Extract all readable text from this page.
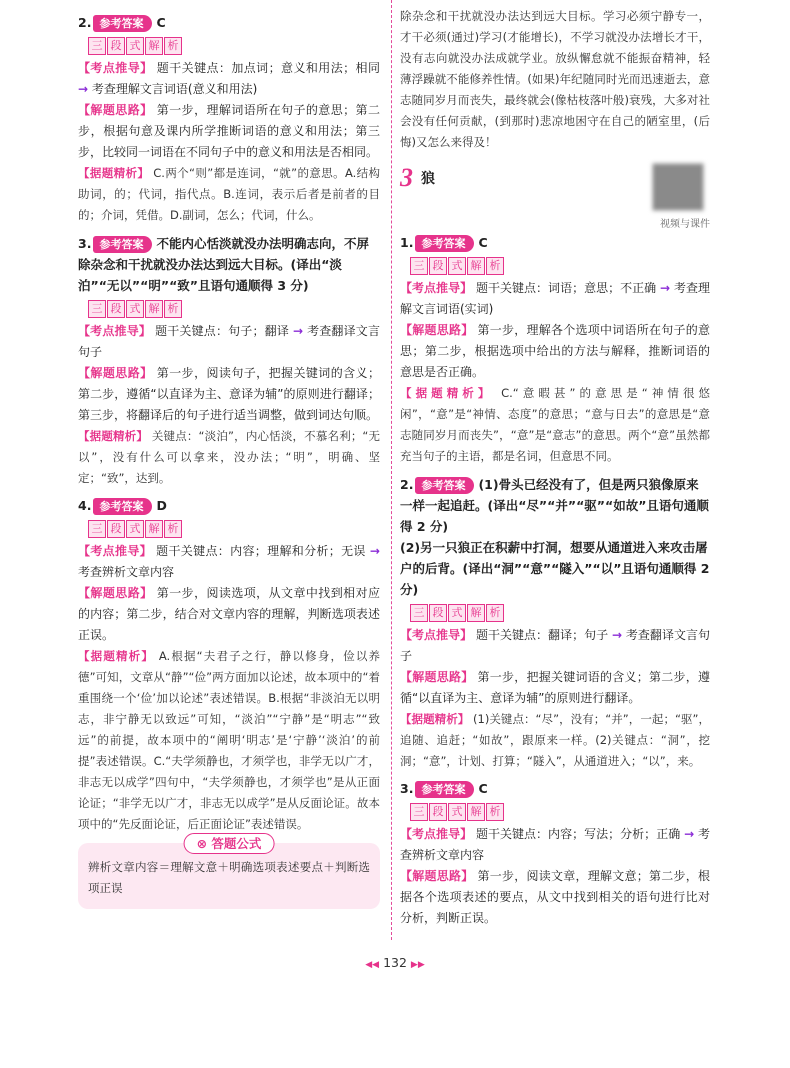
2. 参考答案	C
三 段 式 解 析

【考点推导】 题干关键点：加点词；意义和用法；相同 → 考查理解文言词语(意义和用法)

【解题思路】 第一步，理解词语所在句子的意思；第二步，根据句意及课内所学推断词语的意义和用法；第三步，比较同一词语在不同句子中的意义和用法是否相同。

【据题精析】 C.两个“则”都是连词，“就”的意思。A.结构助词，的；代词，指代点。B.连词，表示后者是前者的目的；介词，凭借。D.副词，怎么；代词，什么。

3. 参考答案 不能内心恬淡就没办法明确志向，不屏除杂念和干扰就没办法达到远大目标。(译出“淡泊”“无以”“明”“致”且语句通顺得 3 分)

三 段 式 解 析

【考点推导】 题干关键点：句子；翻译 → 考查翻译文言句子

【解题思路】 第一步，阅读句子，把握关键词的含义；第二步，遵循“以直译为主、意译为辅”的原则进行翻译；第三步，将翻译后的句子进行适当调整，做到词达句顺。

【据题精析】 关键点：“淡泊”，内心恬淡，不慕名利；“无以”，没有什么可以拿来，没办法；“明”，明确、坚定；“致”，达到。

4. 参考答案	D
三 段 式 解 析

【考点推导】 题干关键点：内容；理解和分析；无误 → 考查辨析文章内容

【解题思路】 第一步，阅读选项，从文章中找到相对应的内容；第二步，结合对文章内容的理解，判断选项表述正误。

【据题精析】 A.根据“夫君子之行，静以修身，俭以养德”可知，文章从“静”“俭”两方面加以论述，故本项中的“着重围绕一个‘俭’加以论述”表述错误。B.根据“非淡泊无以明志，非宁静无以致远”可知，“淡泊”“宁静”是“明志”“致远”的前提，故本项中的“阐明‘明志’是‘宁静’‘淡泊’的前提”表述错误。C.“夫学须静也，才须学也，非学无以广才，非志无以成学”四句中，“夫学须静也，才须学也”是从正面论证；“非学无以广才，非志无以成学”是从反面论证。故本项中的“先反面论证，后正面论证”表述错误。

⊗ 答题公式

辨析文章内容＝理解文意＋明确选项表述要点＋判断选项正误

除杂念和干扰就没办法达到远大目标。学习必须宁静专一，才干必须(通过)学习(才能增长)，不学习就没办法增长才干，没有志向就没办法成就学业。放纵懈怠就不能振奋精神，轻薄浮躁就不能修养性情。(如果)年纪随同时光而迅速逝去，意志随同岁月而丧失，最终就会(像枯枝落叶般)衰残，大多对社会没有任何贡献，(到那时)悲凉地困守在自己的陋室里，(后悔)又怎么来得及！

3 狼
视频与课件
1. 参考答案	C
三 段 式 解 析

【考点推导】 题干关键点：词语；意思；不正确 → 考查理解文言词语(实词)

【解题思路】 第一步，理解各个选项中词语所在句子的意思；第二步，根据选项中给出的方法与解释，推断词语的意思是否正确。

【据题精析】 C.“意暇甚”的意思是“神情很悠闲”，“意”是“神情、态度”的意思；“意与日去”的意思是“意志随同岁月而丧失”，“意”是“意志”的意思。两个“意”虽然都充当句子的主语，都是名词，但意思不同。

2. 参考答案 (1)骨头已经没有了，但是两只狼像原来一样一起追赶。(译出“尽”“并”“驱”“如故”且语句通顺得 2 分)

(2)另一只狼正在积薪中打洞，想要从通道进入来攻击屠户的后背。(译出“洞”“意”“隧入”“以”且语句通顺得 2 分)

三 段 式 解 析

【考点推导】 题干关键点：翻译；句子 → 考查翻译文言句子

【解题思路】 第一步，把握关键词语的含义；第二步，遵循“以直译为主、意译为辅”的原则进行翻译。

【据题精析】 (1)关键点：“尽”，没有；“并”，一起；“驱”，追随、追赶；“如故”，跟原来一样。(2)关键点：“洞”，挖洞；“意”，计划、打算；“隧入”，从通道进入；“以”，来。

3. 参考答案	C
三 段 式 解 析

【考点推导】 题干关键点：内容；写法；分析；正确 → 考查辨析文章内容

【解题思路】 第一步，阅读文章，理解文意；第二步，根据各个选项表述的要点，从文中找到相关的语句进行比对分析，判断正误。

◀◀ 132 ▶▶
